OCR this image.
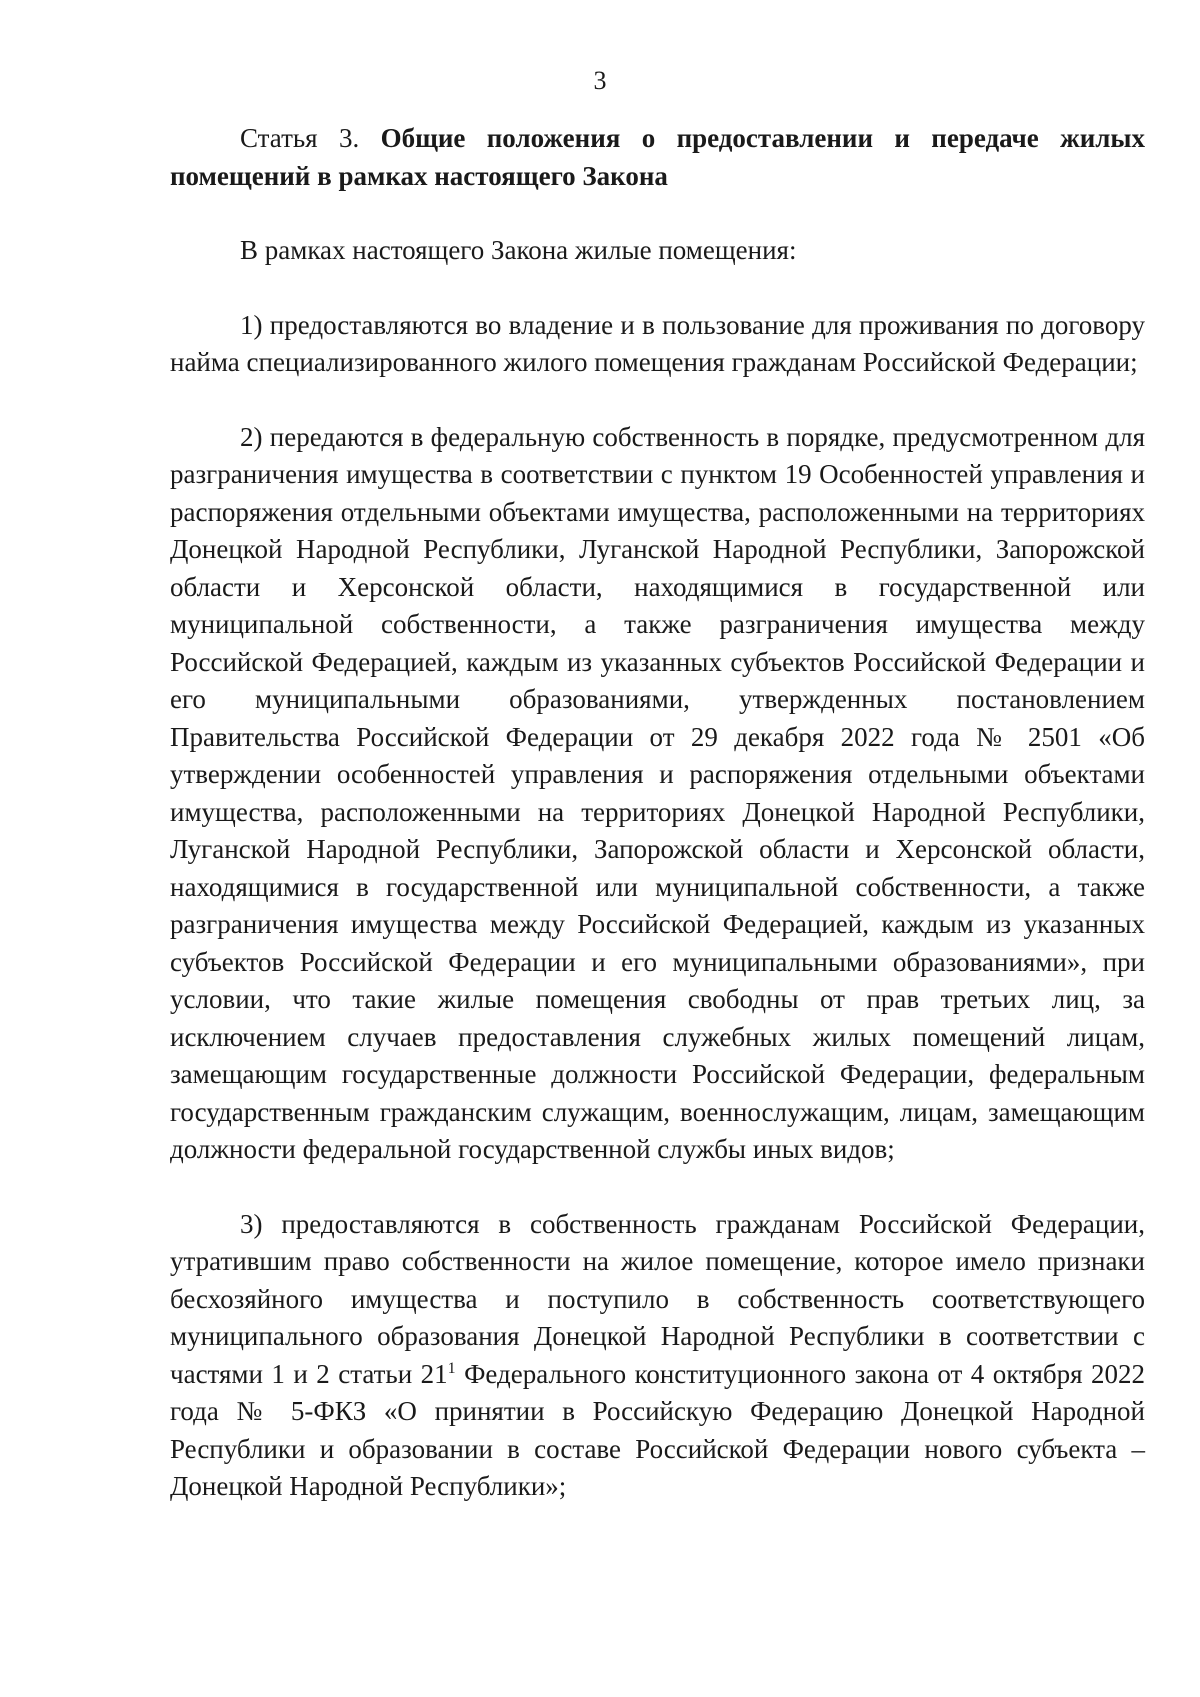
3

Статья 3. Общие положения о предоставлении и передаче жилых помещений в рамках настоящего Закона

В рамках настоящего Закона жилые помещения:

1) предоставляются во владение и в пользование для проживания по договору найма специализированного жилого помещения гражданам Российской Федерации;

2) передаются в федеральную собственность в порядке, предусмотренном для разграничения имущества в соответствии с пунктом 19 Особенностей управления и распоряжения отдельными объектами имущества, расположенными на территориях Донецкой Народной Республики, Луганской Народной Республики, Запорожской области и Херсонской области, находящимися в государственной или муниципальной собственности, а также разграничения имущества между Российской Федерацией, каждым из указанных субъектов Российской Федерации и его муниципальными образованиями, утвержденных постановлением Правительства Российской Федерации от 29 декабря 2022 года № 2501 «Об утверждении особенностей управления и распоряжения отдельными объектами имущества, расположенными на территориях Донецкой Народной Республики, Луганской Народной Республики, Запорожской области и Херсонской области, находящимися в государственной или муниципальной собственности, а также разграничения имущества между Российской Федерацией, каждым из указанных субъектов Российской Федерации и его муниципальными образованиями», при условии, что такие жилые помещения свободны от прав третьих лиц, за исключением случаев предоставления служебных жилых помещений лицам, замещающим государственные должности Российской Федерации, федеральным государственным гражданским служащим, военнослужащим, лицам, замещающим должности федеральной государственной службы иных видов;

3) предоставляются в собственность гражданам Российской Федерации, утратившим право собственности на жилое помещение, которое имело признаки бесхозяйного имущества и поступило в собственность соответствующего муниципального образования Донецкой Народной Республики в соответствии с частями 1 и 2 статьи $21^1$ Федерального конституционного закона от 4 октября 2022 года № 5-ФКЗ «О принятии в Российскую Федерацию Донецкой Народной Республики и образовании в составе Российской Федерации нового субъекта – Донецкой Народной Республики»;
